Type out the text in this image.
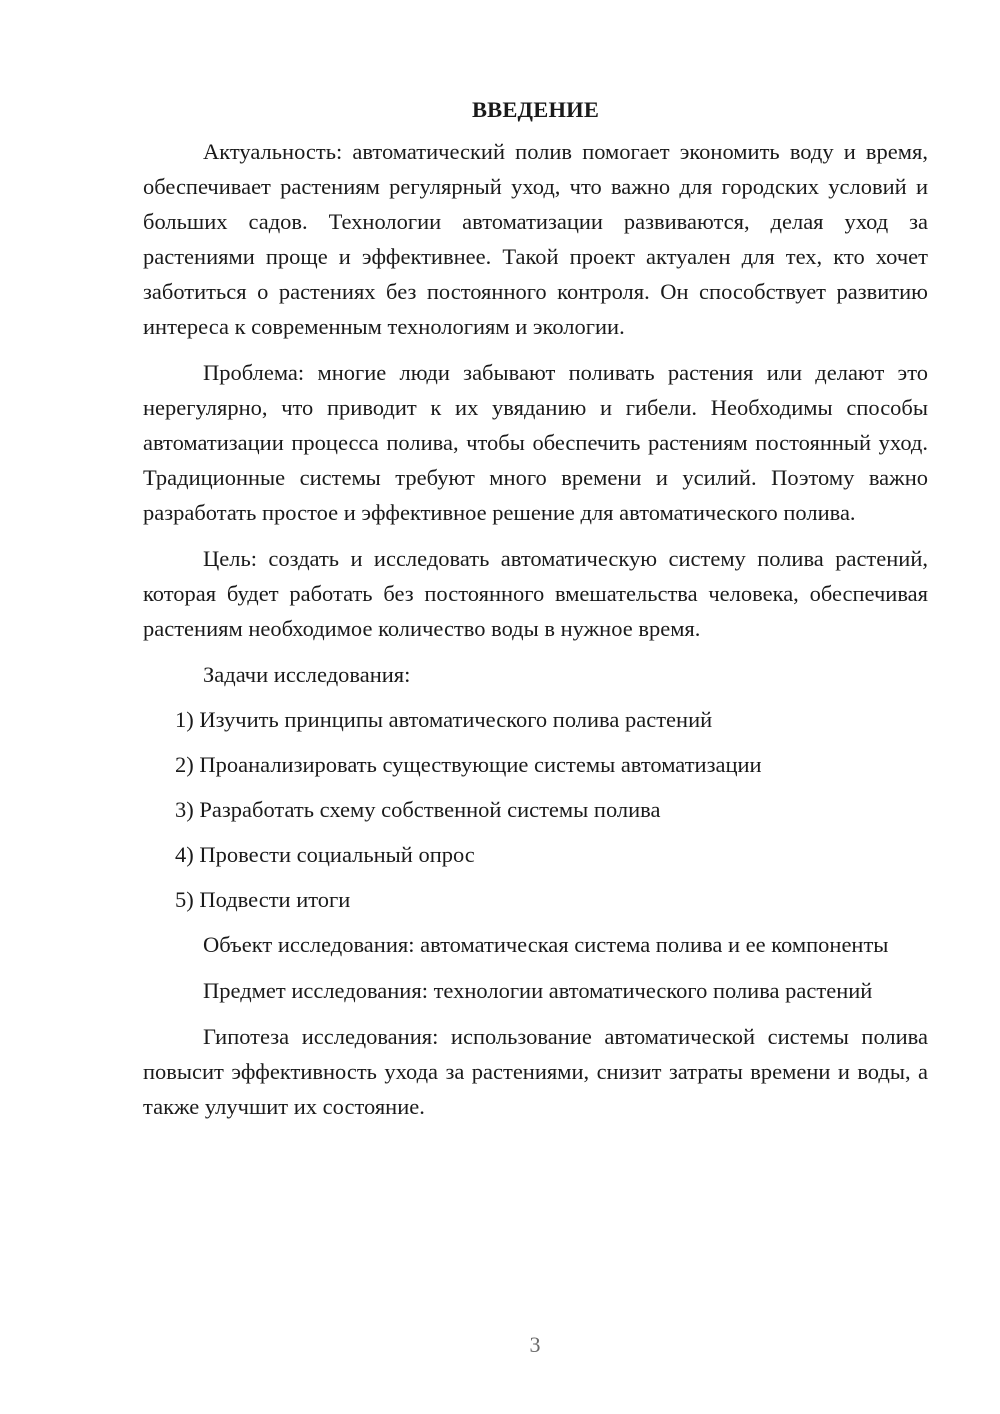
ВВЕДЕНИЕ

Актуальность: автоматический полив помогает экономить воду и время, обеспечивает растениям регулярный уход, что важно для городских условий и больших садов. Технологии автоматизации развиваются, делая уход за растениями проще и эффективнее. Такой проект актуален для тех, кто хочет заботиться о растениях без постоянного контроля. Он способствует развитию интереса к современным технологиям и экологии.

Проблема: многие люди забывают поливать растения или делают это нерегулярно, что приводит к их увяданию и гибели. Необходимы способы автоматизации процесса полива, чтобы обеспечить растениям постоянный уход. Традиционные системы требуют много времени и усилий. Поэтому важно разработать простое и эффективное решение для автоматического полива.

Цель: создать и исследовать автоматическую систему полива растений, которая будет работать без постоянного вмешательства человека, обеспечивая растениям необходимое количество воды в нужное время.

Задачи исследования:
1) Изучить принципы автоматического полива растений
2) Проанализировать существующие системы автоматизации
3) Разработать схему собственной системы полива
4) Провести социальный опрос
5) Подвести итоги

Объект исследования: автоматическая система полива и ее компоненты

Предмет исследования: технологии автоматического полива растений

Гипотеза исследования: использование автоматической системы полива повысит эффективность ухода за растениями, снизит затраты времени и воды, а также улучшит их состояние.

3
